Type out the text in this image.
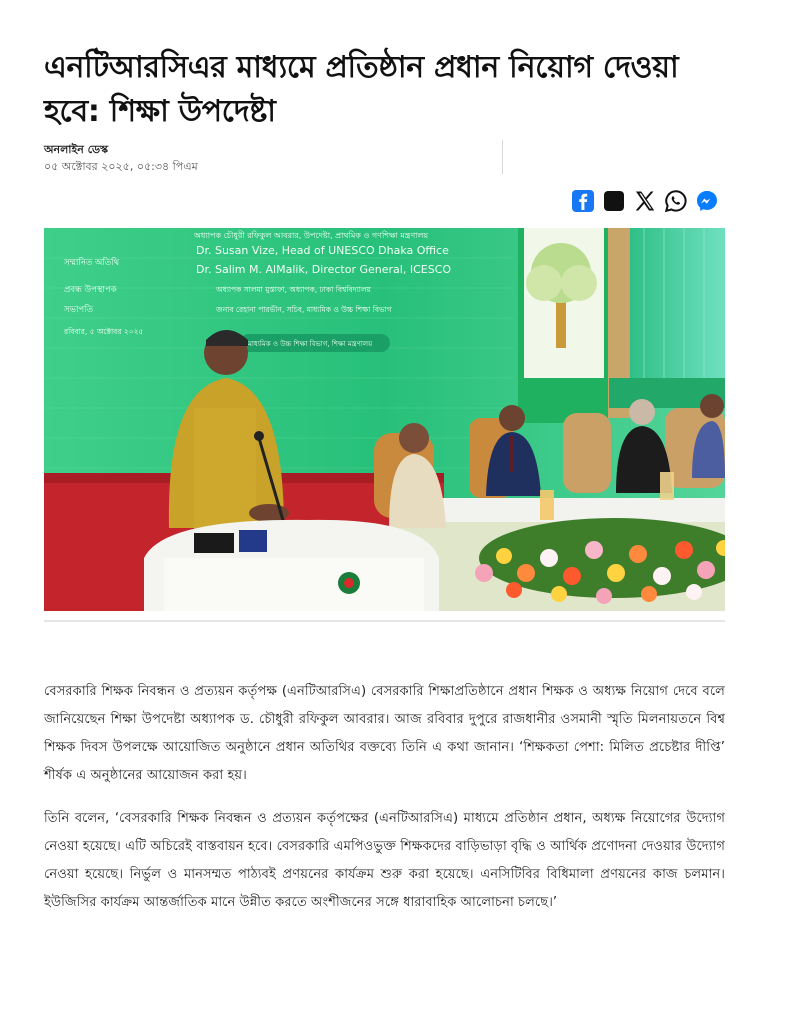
এনটিআরসিএর মাধ্যমে প্রতিষ্ঠান প্রধান নিয়োগ দেওয়া হবে: শিক্ষা উপদেষ্টা
অনলাইন ডেস্ক
০৫ অক্টোবর ২০২৫, ০৫:৩৪ পিএম
অধ্যাপক চৌধুরী রফিকুল আবরার, উপদেষ্টা, প্রাথমিক ও গণশিক্ষা মন্ত্রণালয়
সম্মানিত অতিথি
Dr. Susan Vize, Head of UNESCO Dhaka Office
Dr. Salim M. AlMalik, Director General, ICESCO
প্রবন্ধ উপস্থাপক	অধ্যাপক সালমা মুস্তাফা, অধ্যাপক, ঢাকা বিশ্ববিদ্যালয়
সভাপতি	জনাব রেহানা পারভীন, সচিব, মাধ্যমিক ও উচ্চ শিক্ষা বিভাগ
রবিবার, ৫ অক্টোবর ২০২৫
মাধ্যমিক ও উচ্চ শিক্ষা বিভাগ, শিক্ষা মন্ত্রণালয়

বেসরকারি শিক্ষক নিবন্ধন ও প্রত্যয়ন কর্তৃপক্ষ (এনটিআরসিএ) বেসরকারি শিক্ষাপ্রতিষ্ঠানে প্রধান শিক্ষক ও অধ্যক্ষ নিয়োগ দেবে বলে জানিয়েছেন শিক্ষা উপদেষ্টা অধ্যাপক ড. চৌধুরী রফিকুল আবরার। আজ রবিবার দুপুরে রাজধানীর ওসমানী স্মৃতি মিলনায়তনে বিশ্ব শিক্ষক দিবস উপলক্ষে আয়োজিত অনুষ্ঠানে প্রধান অতিথির বক্তব্যে তিনি এ কথা জানান। ‘শিক্ষকতা পেশা: মিলিত প্রচেষ্টার দীপ্তি’ শীর্ষক এ অনুষ্ঠানের আয়োজন করা হয়।

তিনি বলেন, ‘বেসরকারি শিক্ষক নিবন্ধন ও প্রত্যয়ন কর্তৃপক্ষের (এনটিআরসিএ) মাধ্যমে প্রতিষ্ঠান প্রধান, অধ্যক্ষ নিয়োগের উদ্যোগ নেওয়া হয়েছে। এটি অচিরেই বাস্তবায়ন হবে। বেসরকারি এমপিওভুক্ত শিক্ষকদের বাড়িভাড়া বৃদ্ধি ও আর্থিক প্রণোদনা দেওয়ার উদ্যোগ নেওয়া হয়েছে। নির্ভুল ও মানসম্মত পাঠ্যবই প্রণয়নের কার্যক্রম শুরু করা হয়েছে। এনসিটিবির বিধিমালা প্রণয়নের কাজ চলমান। ইউজিসির কার্যক্রম আন্তর্জাতিক মানে উন্নীত করতে অংশীজনের সঙ্গে ধারাবাহিক আলোচনা চলছে।’
